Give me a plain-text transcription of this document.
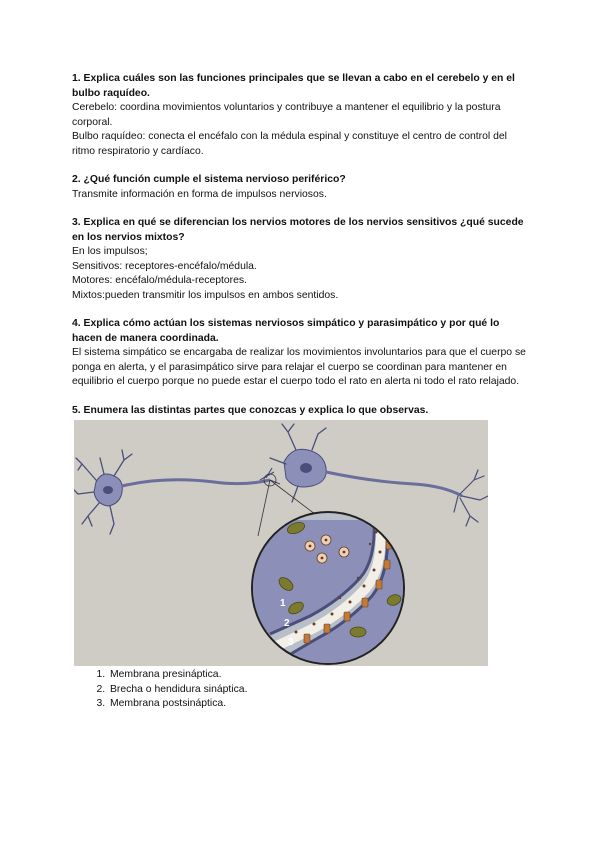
1. Explica cuáles son las funciones principales que se llevan a cabo en el cerebelo y en el bulbo raquídeo.

Cerebelo: coordina movimientos voluntarios y contribuye a mantener el equilibrio y la postura corporal.

Bulbo raquídeo: conecta el encéfalo con la médula espinal y constituye el centro de control del ritmo respiratorio y cardíaco.

2. ¿Qué función cumple el sistema nervioso periférico?

Transmite información en forma de impulsos nerviosos.

3. Explica en qué se diferencian los nervios motores de los nervios sensitivos ¿qué sucede en los nervios mixtos?

En los impulsos;

Sensitivos: receptores-encéfalo/médula.

Motores: encéfalo/médula-receptores.

Mixtos:pueden transmitir los impulsos en ambos sentidos.

4. Explica cómo actúan los sistemas nerviosos simpático y parasimpático y por qué lo hacen de manera coordinada.

El sistema simpático se encargaba de realizar los movimientos involuntarios para que el cuerpo se ponga en alerta, y el parasimpático sirve para relajar el cuerpo se coordinan para mantener en equilibrio el cuerpo porque no puede estar el cuerpo todo el rato en alerta ni todo el rato relajado.

5. Enumera las distintas partes que conozcas y explica lo que observas.

1
2
3
1. Membrana presináptica.
2. Brecha o hendidura sináptica.
3. Membrana postsináptica.
